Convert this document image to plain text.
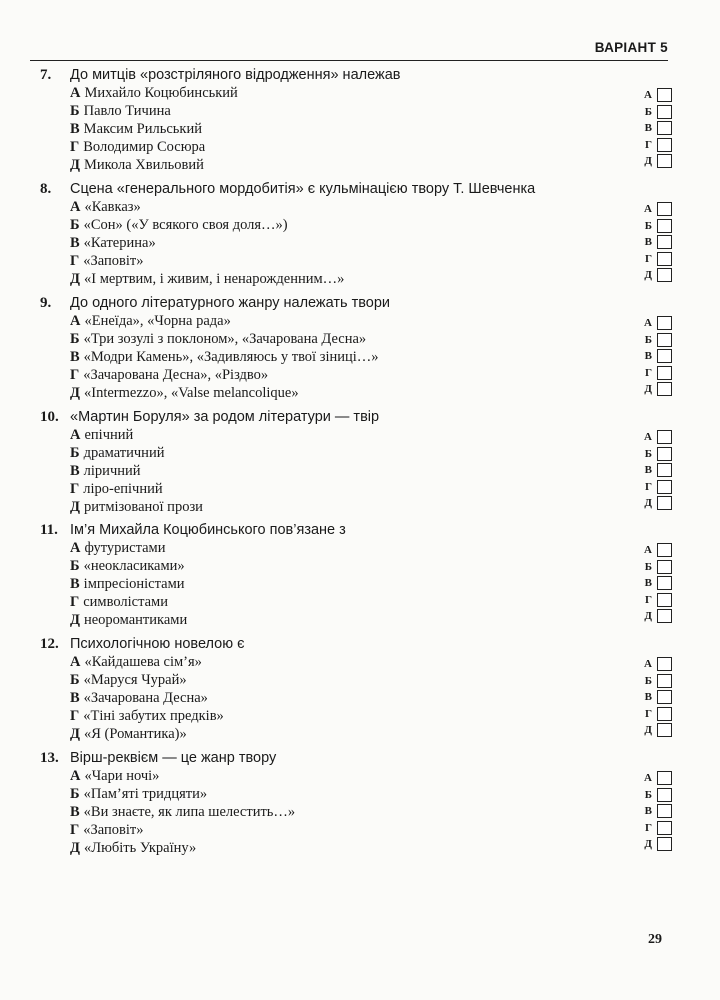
ВАРІАНТ 5
7. До митців «розстріляного відродження» належав
А Михайло Коцюбинський
Б Павло Тичина
В Максим Рильський
Г Володимир Сосюра
Д Микола Хвильовий
А
Б
В
Г
Д
8. Сцена «генерального мордобитія» є кульмінацією твору Т. Шевченка
А «Кавказ»
Б «Сон» («У всякого своя доля…»)
В «Катерина»
Г «Заповіт»
Д «І мертвим, і живим, і ненарожденним…»
А
Б
В
Г
Д
9. До одного літературного жанру належать твори
А «Енеїда», «Чорна рада»
Б «Три зозулі з поклоном», «Зачарована Десна»
В «Модри Камень», «Задивляюсь у твої зіниці…»
Г «Зачарована Десна», «Різдво»
Д «Intermezzo», «Valse melancolique»
А
Б
В
Г
Д
10. «Мартин Боруля» за родом літератури — твір
А епічний
Б драматичний
В ліричний
Г ліро-епічний
Д ритмізованої прози
А
Б
В
Г
Д
11. Ім’я Михайла Коцюбинського пов’язане з
А футуристами
Б «неокласиками»
В імпресіоністами
Г символістами
Д неоромантиками
А
Б
В
Г
Д
12. Психологічною новелою є
А «Кайдашева сім’я»
Б «Маруся Чурай»
В «Зачарована Десна»
Г «Тіні забутих предків»
Д «Я (Романтика)»
А
Б
В
Г
Д
13. Вірш-реквієм — це жанр твору
А «Чари ночі»
Б «Пам’яті тридцяти»
В «Ви знаєте, як липа шелестить…»
Г «Заповіт»
Д «Любіть Україну»
А
Б
В
Г
Д
29
